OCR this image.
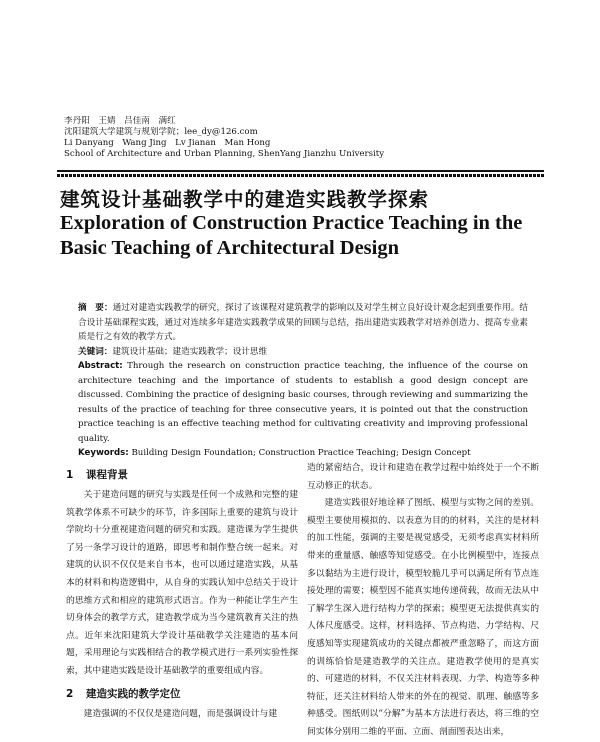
李丹阳　王婧　吕佳南　满红
沈阳建筑大学建筑与规划学院；lee_dy@126.com
Li Danyang　Wang Jing　Lv Jianan　Man Hong
School of Architecture and Urban Planning, ShenYang Jianzhu University
建筑设计基础教学中的建造实践教学探索
Exploration of Construction Practice Teaching in the Basic Teaching of Architectural Design

摘　要：通过对建造实践教学的研究，探讨了该课程对建筑教学的影响以及对学生树立良好设计观念起到重要作用。结合设计基础课程实践，通过对连续多年建造实践教学成果的回顾与总结，指出建造实践教学对培养创造力、提高专业素质是行之有效的教学方式。

关键词：建筑设计基础；建造实践教学；设计思维

Abstract: Through the research on construction practice teaching, the influence of the course on architecture teaching and the importance of students to establish a good design concept are discussed. Combining the practice of designing basic courses, through reviewing and summarizing the results of the practice of teaching for three consecutive years, it is pointed out that the construction practice teaching is an effective teaching method for cultivating creativity and improving professional quality.

Keywords: Building Design Foundation; Construction Practice Teaching; Design Concept

1 课程背景

关于建造问题的研究与实践是任何一个成熟和完整的建筑教学体系不可缺少的环节，许多国际上重要的建筑与设计学院均十分重视建造问题的研究和实践。建造课为学生提供了另一条学习设计的道路，即思考和制作整合统一起来。对建筑的认识不仅仅是来自书本，也可以通过建造实践，从基本的材料和构造逻辑中，从自身的实践认知中总结关于设计的思维方式和相应的建筑形式语言。作为一种能让学生产生切身体会的教学方式，建造教学成为当今建筑教育关注的热点。近年来沈阳建筑大学设计基础教学关注建造的基本问题，采用理论与实践相结合的教学模式进行一系列实验性探索，其中建造实践是设计基础教学的重要组成内容。

2 建造实践的教学定位

建造强调的不仅仅是建造问题，而是强调设计与建

造的紧密结合，设计和建造在教学过程中始终处于一个不断互动修正的状态。

建造实践很好地诠释了图纸、模型与实物之间的差别。模型主要使用模拟的、以表意为目的的材料，关注的是材料的加工性能，强调的主要是视觉感受，无须考虑真实材料所带来的重量感、触感等知觉感受。在小比例模型中，连接点多以黏结为主进行设计，模型较脆几乎可以满足所有节点连接处理的需要；模型因不能真实地传递荷载，故而无法从中了解学生深入进行结构力学的探索；模型更无法提供真实的人体尺度感受。这样，材料选择、节点构造、力学结构、尺度感知等实现建筑成功的关键点都被严重忽略了，而这方面的训练恰恰是建造教学的关注点。建造教学使用的是真实的、可建造的材料，不仅关注材料表现、力学、构造等多种特征，还关注材料给人带来的外在的视觉、肌理、触感等多种感受。图纸则以“分解”为基本方法进行表达，将三维的空间实体分别用二维的平面、立面、剖面图表达出来，
